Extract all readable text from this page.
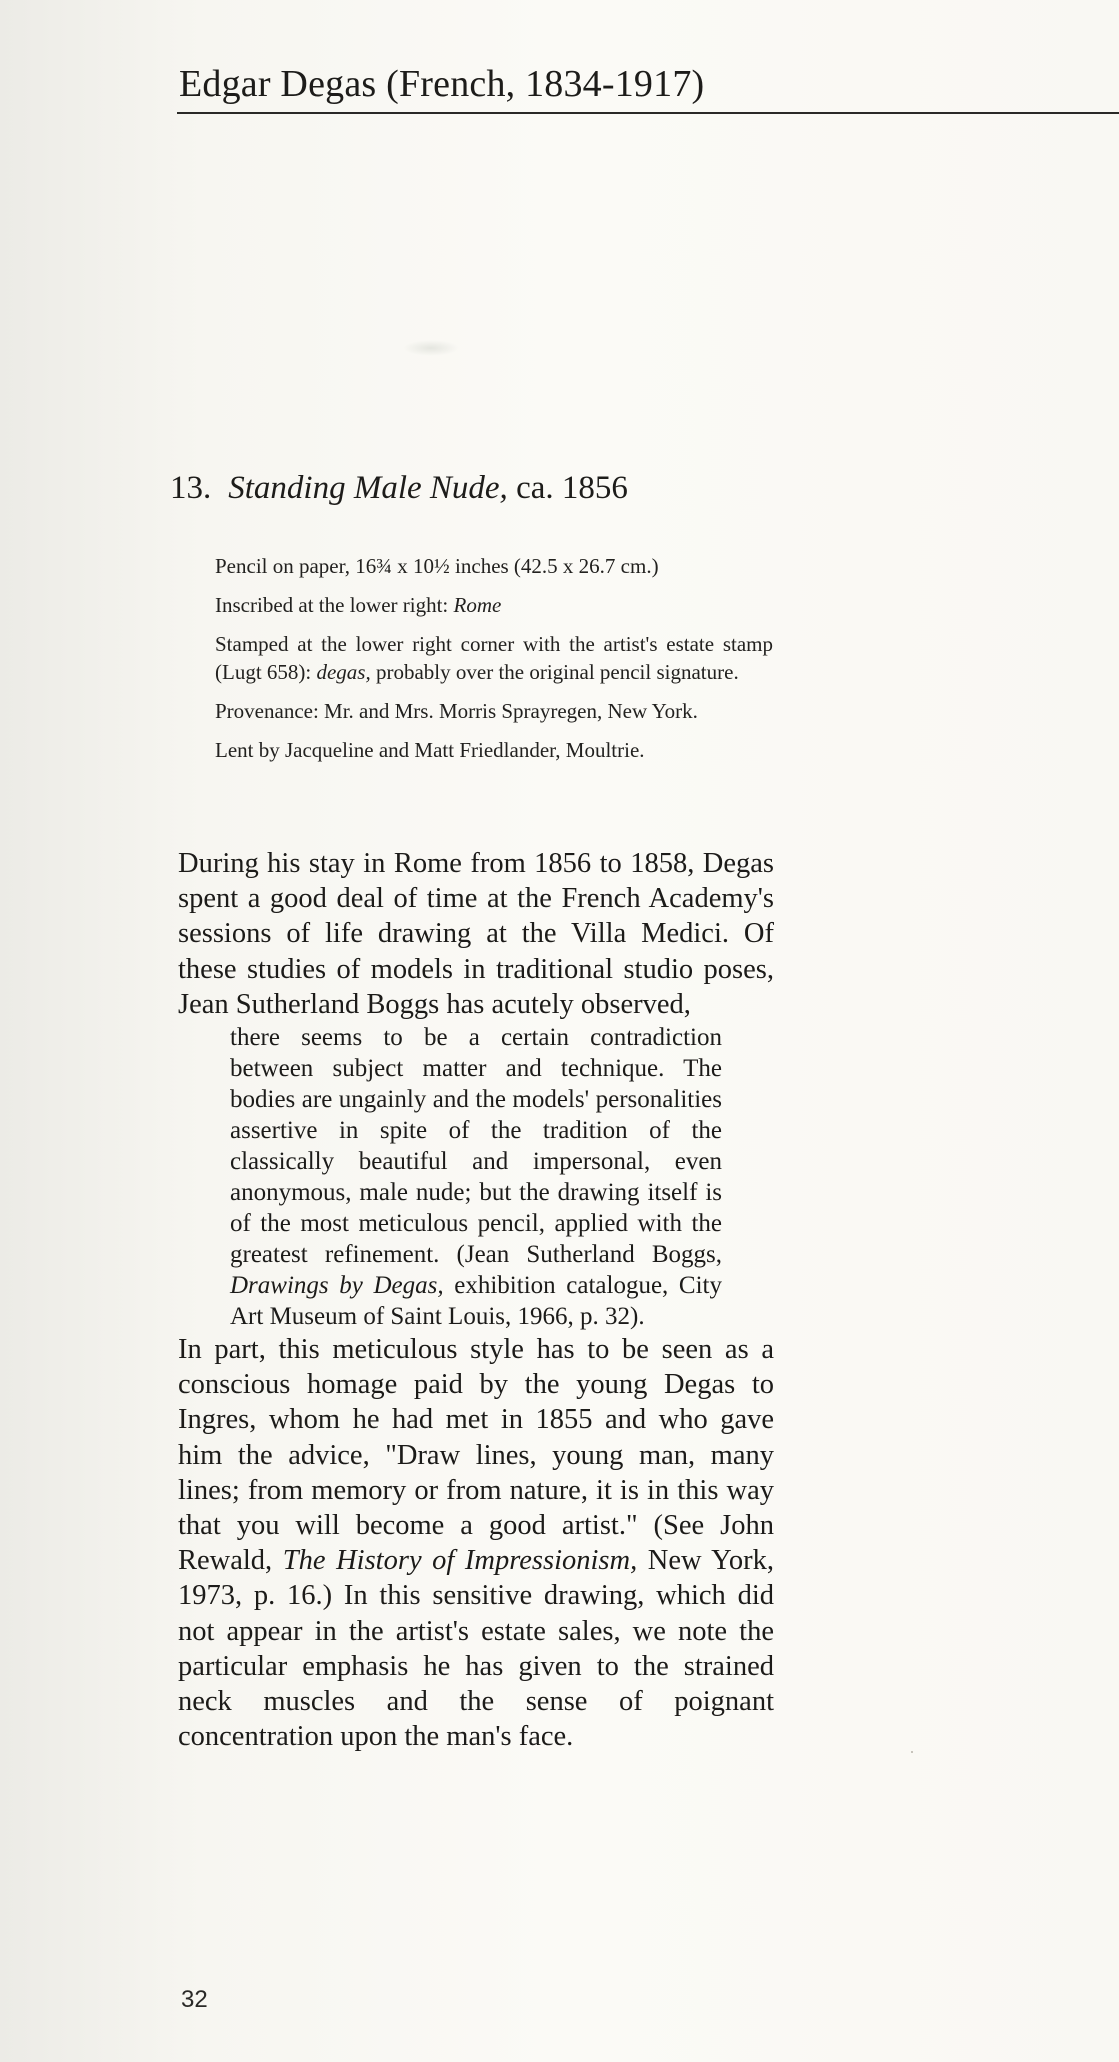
Edgar Degas (French, 1834-1917)
13. Standing Male Nude, ca. 1856

Pencil on paper, 16¾ x 10½ inches (42.5 x 26.7 cm.)

Inscribed at the lower right: Rome

Stamped at the lower right corner with the artist's estate stamp (Lugt 658): degas, probably over the original pencil signature.

Provenance: Mr. and Mrs. Morris Sprayregen, New York.

Lent by Jacqueline and Matt Friedlander, Moultrie.

During his stay in Rome from 1856 to 1858, Degas spent a good deal of time at the French Academy's sessions of life drawing at the Villa Medici. Of these studies of models in traditional studio poses, Jean Sutherland Boggs has acutely observed,

there seems to be a certain contradiction between subject matter and technique. The bodies are ungainly and the models' personalities assertive in spite of the tradition of the classically beautiful and impersonal, even anonymous, male nude; but the drawing itself is of the most meticulous pencil, applied with the greatest refinement. (Jean Sutherland Boggs, Drawings by Degas, exhibition catalogue, City Art Museum of Saint Louis, 1966, p. 32).

In part, this meticulous style has to be seen as a conscious homage paid by the young Degas to Ingres, whom he had met in 1855 and who gave him the advice, "Draw lines, young man, many lines; from memory or from nature, it is in this way that you will become a good artist." (See John Rewald, The History of Impressionism, New York, 1973, p. 16.) In this sensitive drawing, which did not appear in the artist's estate sales, we note the particular emphasis he has given to the strained neck muscles and the sense of poignant concentration upon the man's face.

32
